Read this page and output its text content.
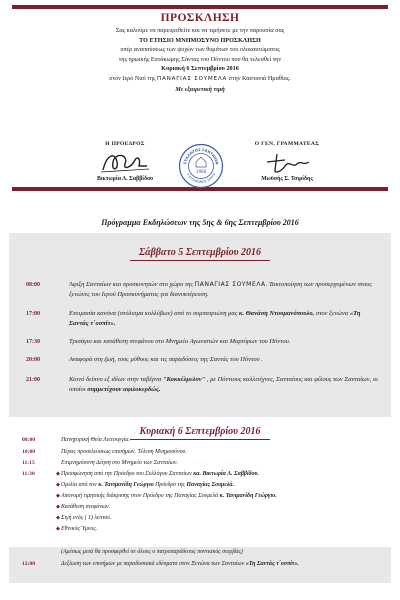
ΠΡΟΣΚΛΗΣΗ
Σας καλούμε να παρευρεθείτε και να τιμήσετε με την παρουσία σας
ΤΟ ΕΤΗΣΙΟ ΜΝΗΜΟΣΥΝΟ ΠΡΟΣΚΛΗΣΗ
υπέρ αναπαύσεως των ψυχών των θυμάτων του ολοκαυτώματος
της ηρωικής Επτάκωμης Σάντας του Πόντου που θα τελεσθεί την
Κυριακή 6 Σεπτεμβρίου 2016
στον Ιερό Ναό της ΠΑΝΑΓΙΑΣ ΣΟΥΜΕΛΑ στην Καστανιά Ημαθίας.
Με εξαιρετική τιμή
Η ΠΡΟΕΔΡΟΣ
Βικτωρία Α. Σαββίδου
Ο ΓΕΝ. ΓΡΑΜΜΑΤΕΑΣ
Μωϋσής Σ. Τσιρίδης
ΣΥΛΛΟΓΟΣ ΣΑΝΤΑΙΩΝ
Η ΕΠΤΑΚΩΜΟΣ ΣΑΝΤΑ
1968
Πρόγραμμα Εκδηλώσεων της 5ης & 6ης Σεπτεμβρίου 2016
Σάββατο 5 Σεπτεμβρίου 2016
08:00	Άφιξη Σανταίων και προσκυνητών στο χώρο της ΠΑΝΑΓΙΑΣ ΣΟΥΜΕΛΑ. Τακτοποίηση των προσερχομένων στους ξενώνες του Ιερού Προσκυνήματος για διανυκτέρευση.
17:00	Ετοιμασία κανόνα (στόλισμα κολλύβων) από το συμπατριώτη μας κ. Θανάση Ντουμανόπουλο, στον ξενώνα «Τη Σαντάς τ΄οσπίτ».
17:30	Τρισάγιο και κατάθεση στεφάνου στο Μνημείο Αγωνιστών και Μαρτύρων του Πόντου.
20:00	Αναφορά στη ζωή, τους μύθους και τις παραδόσεις της Σαντάς του Πόντου .
21:00	Κοινό δείπνο εξ ιδίων στην ταβέρνα "Κοκκέλμελον" , με Πόντιους καλλιτέχνες, Σανταίους και φίλους των Σανταίων, οι οποίοι συμμετέχουν αφιλοκερδώς.
Κυριακή 6 Σεπτεμβρίου 2016
08:00	Πανηγυρική Θεία Λειτουργία.
10:00	Πέρας προσελεύσεως επισήμων. Τέλεση Μνημοσύνου.
11:15	Επιμνημόσυνη Δέηση στο Μνημείο των Σανταίων.
11:30	◆ Προσφώνηση από την Πρόεδρο του Συλλόγου Σανταίων κα. Βικτωρία Α. Σαββίδου.
◆ Ομιλία από τον κ. Τανιμανίδη Γεώργιο Πρόεδρο της Παναγίας Σουμελά.
◆ Απονομή τιμητικής διάκρισης στον Πρόεδρο της Παναγίας Σουμελά κ. Τανιμανίδη Γεώργιο.
◆ Κατάθεση στεφάνων.
◆ Σιγή ενός ( 1) λεπτού.
◆ Εθνικός Ύμνος.
(Αμέσως μετά θα προσφερθεί σε όλους ο πατροπαράδοτος ποντιακός σιορβάς)
12:00	Δεξίωση των επισήμων με παραδοσιακά εδέσματα στον Ξενώνα των Σανταίων «Τη Σαντάς τ΄οσπίτ».
